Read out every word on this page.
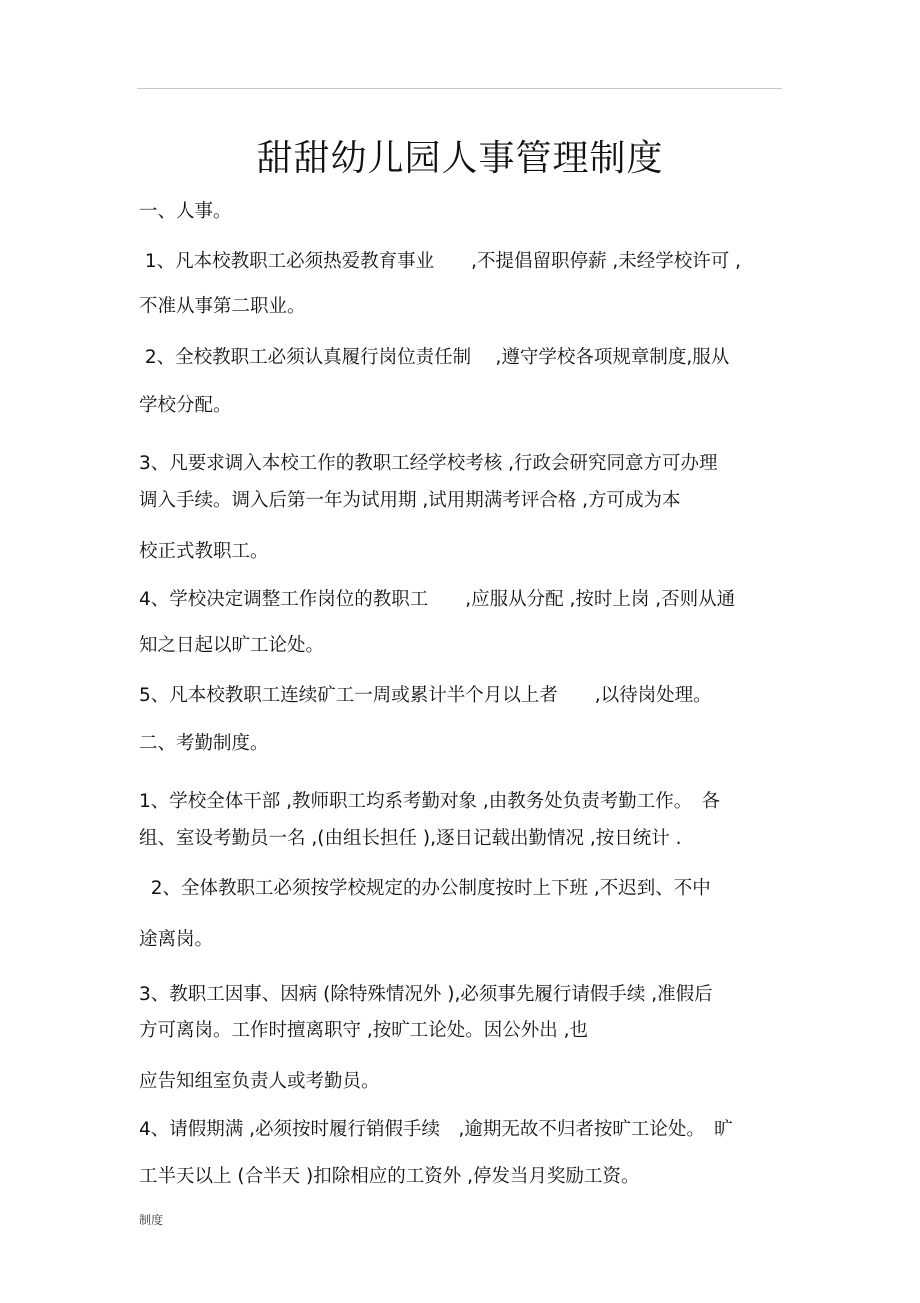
甜甜幼儿园人事管理制度
一、人事。
1、凡本校教职工必须热爱教育事业　　,不提倡留职停薪 ,未经学校许可 ,
不准从事第二职业。
2、全校教职工必须认真履行岗位责任制　 ,遵守学校各项规章制度,服从
学校分配。
3、凡要求调入本校工作的教职工经学校考核 ,行政会研究同意方可办理
调入手续。调入后第一年为试用期 ,试用期满考评合格 ,方可成为本
校正式教职工。
4、学校决定调整工作岗位的教职工　　,应服从分配 ,按时上岗 ,否则从通
知之日起以旷工论处。
5、凡本校教职工连续矿工一周或累计半个月以上者　　,以待岗处理。
二、考勤制度。
1、学校全体干部 ,教师职工均系考勤对象 ,由教务处负责考勤工作。　各
组、室设考勤员一名 ,(由组长担任 ),逐日记载出勤情况 ,按日统计 .
2、全体教职工必须按学校规定的办公制度按时上下班 ,不迟到、不中
途离岗。
3、教职工因事、因病 (除特殊情况外 ),必须事先履行请假手续 ,准假后
方可离岗。工作时擅离职守 ,按旷工论处。因公外出 ,也
应告知组室负责人或考勤员。
4、请假期满 ,必须按时履行销假手续　,逾期无故不归者按旷工论处。　旷
工半天以上 (合半天 )扣除相应的工资外 ,停发当月奖励工资。
制度
